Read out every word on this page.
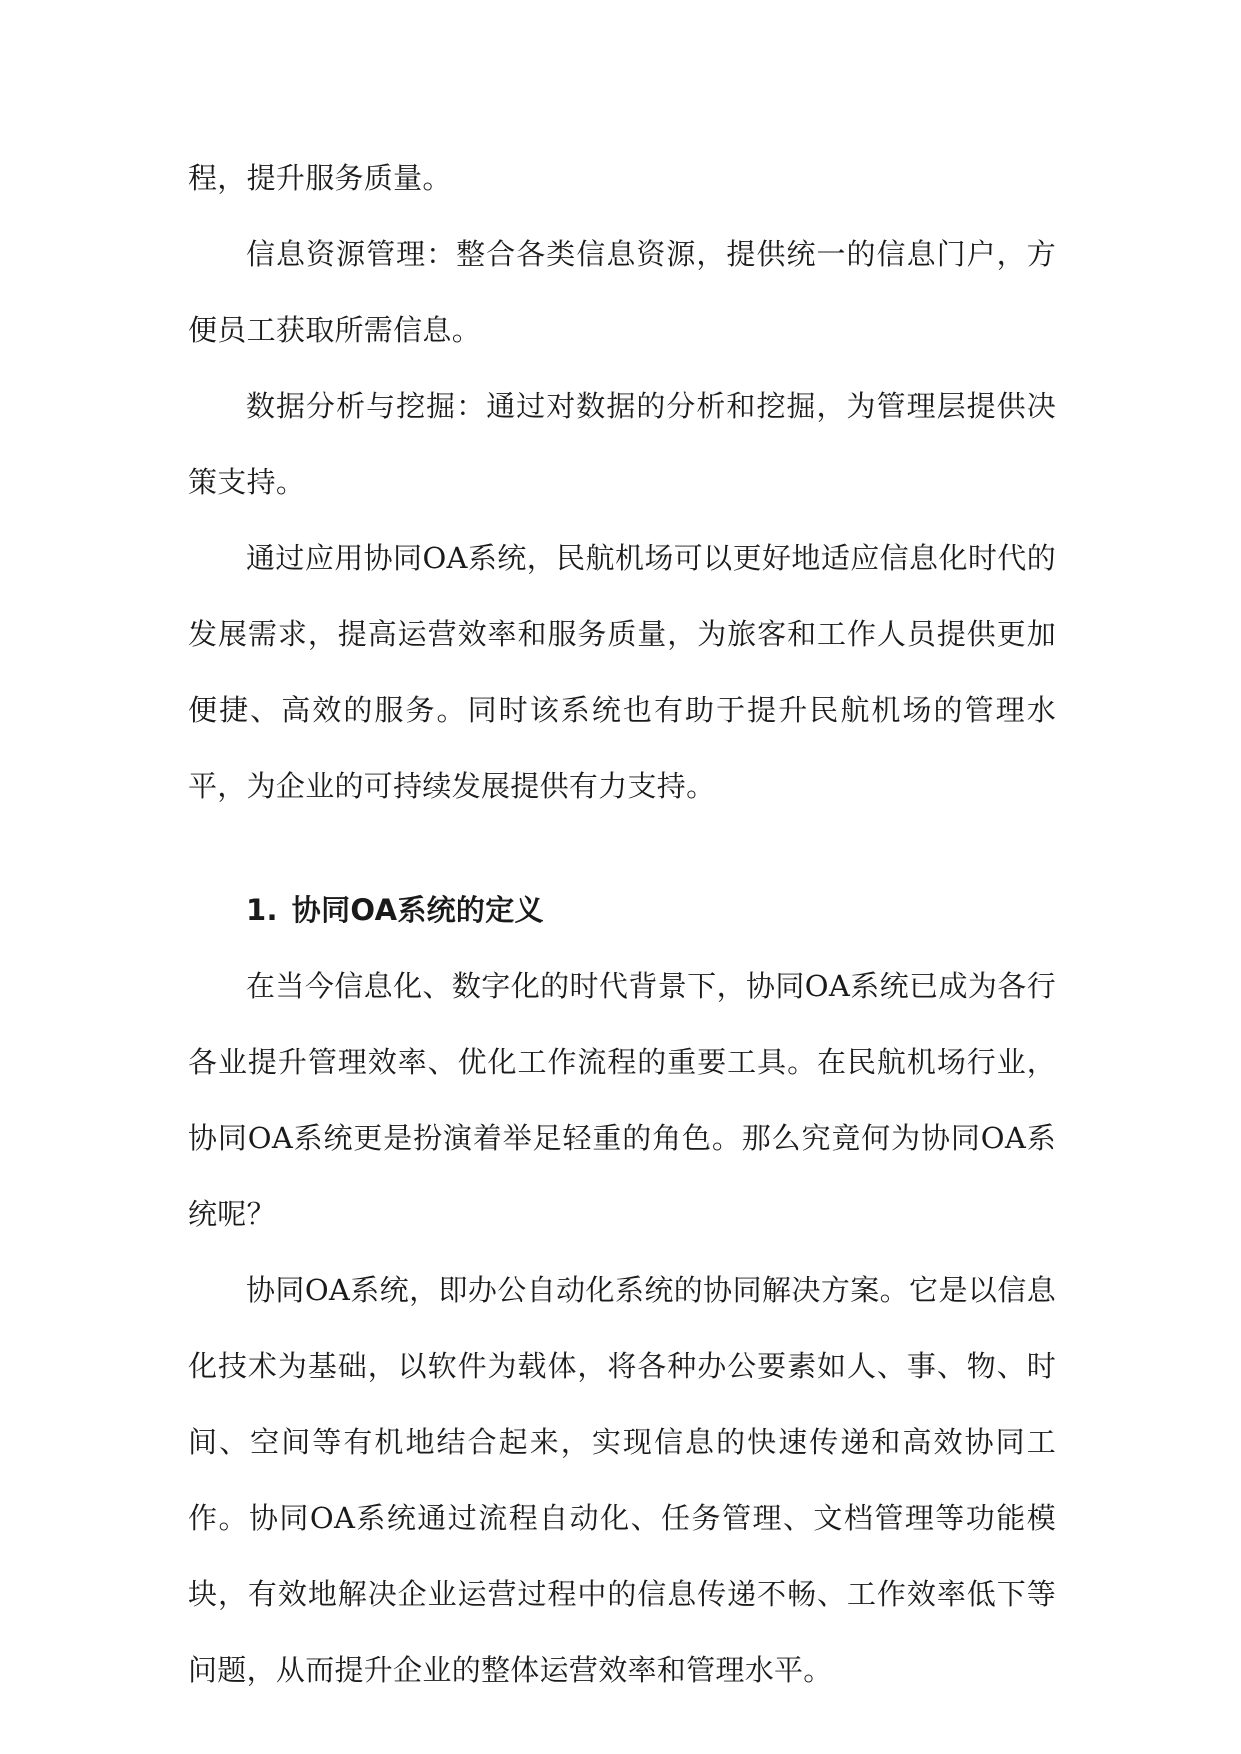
程，提升服务质量。

信息资源管理：整合各类信息资源，提供统一的信息门户，方便员工获取所需信息。

数据分析与挖掘：通过对数据的分析和挖掘，为管理层提供决策支持。

通过应用协同OA系统，民航机场可以更好地适应信息化时代的发展需求，提高运营效率和服务质量，为旅客和工作人员提供更加便捷、高效的服务。同时该系统也有助于提升民航机场的管理水平，为企业的可持续发展提供有力支持。

1. 协同OA系统的定义

在当今信息化、数字化的时代背景下，协同OA系统已成为各行各业提升管理效率、优化工作流程的重要工具。在民航机场行业，协同OA系统更是扮演着举足轻重的角色。那么究竟何为协同OA系统呢？

协同OA系统，即办公自动化系统的协同解决方案。它是以信息化技术为基础，以软件为载体，将各种办公要素如人、事、物、时间、空间等有机地结合起来，实现信息的快速传递和高效协同工作。协同OA系统通过流程自动化、任务管理、文档管理等功能模块，有效地解决企业运营过程中的信息传递不畅、工作效率低下等问题，从而提升企业的整体运营效率和管理水平。
